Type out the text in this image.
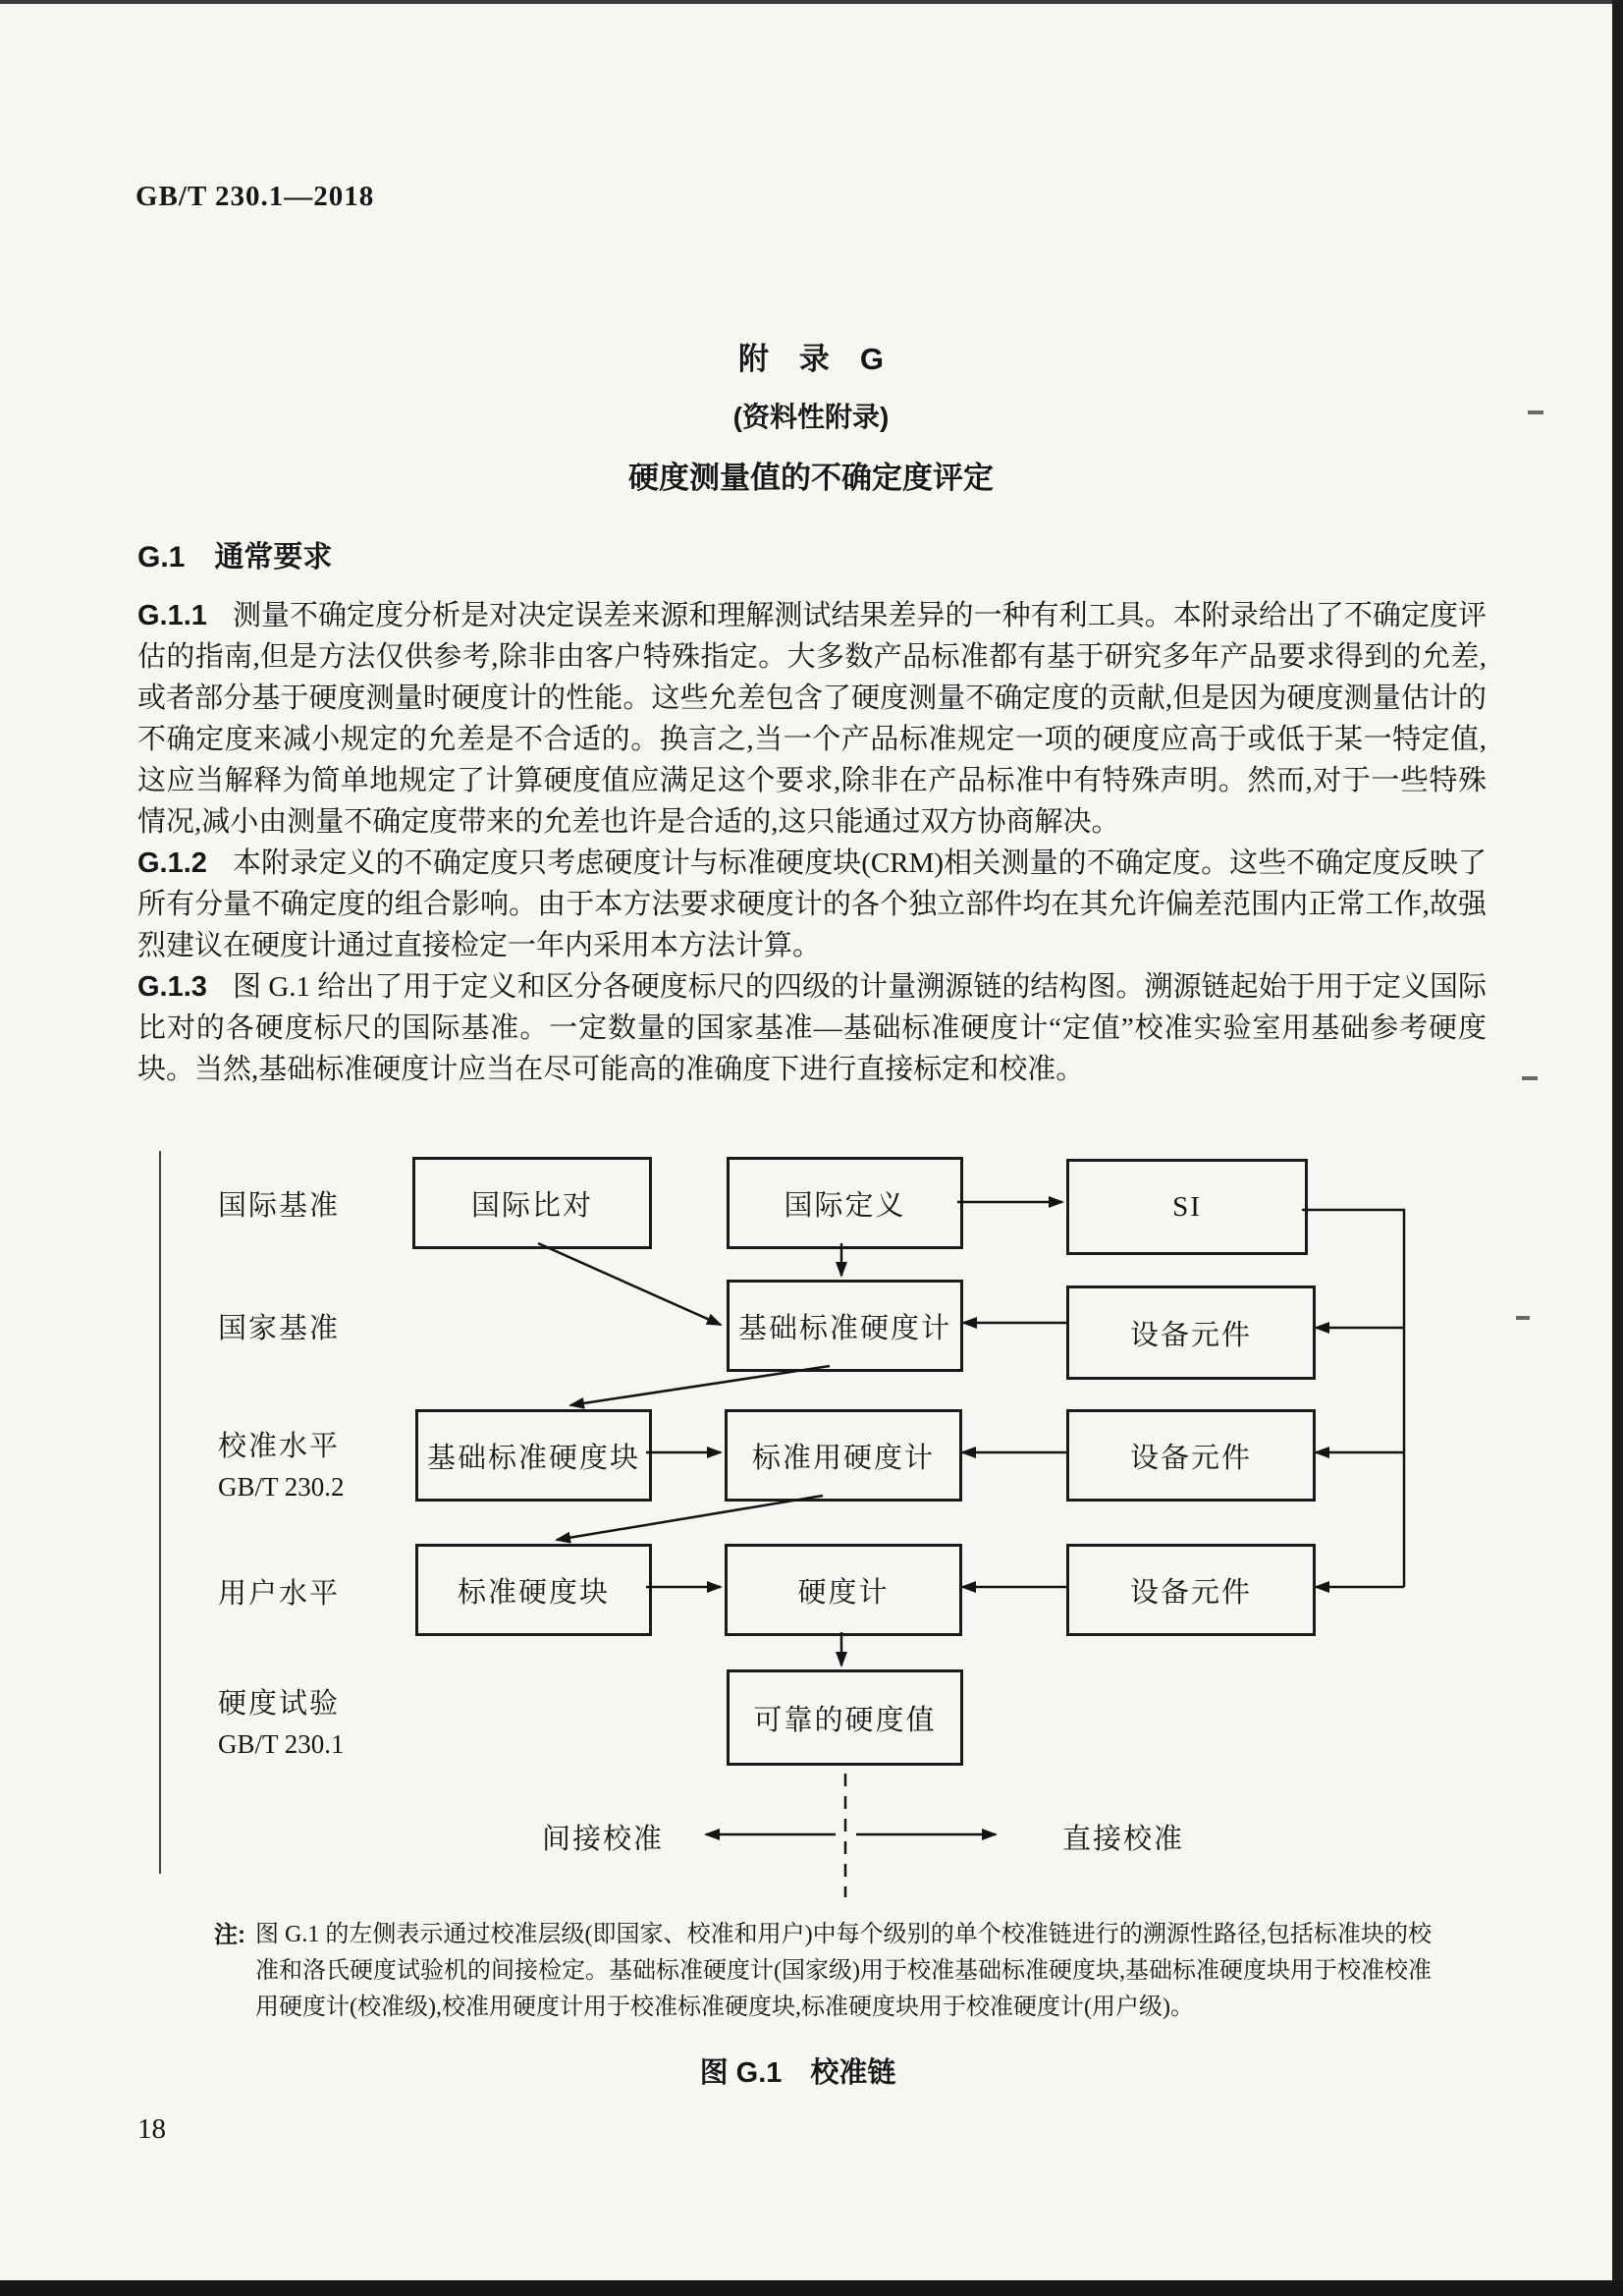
GB/T 230.1—2018

附　录　G

(资料性附录)

硬度测量值的不确定度评定

G.1　通常要求

G.1.1 测量不确定度分析是对决定误差来源和理解测试结果差异的一种有利工具。本附录给出了不确定度评估的指南,但是方法仅供参考,除非由客户特殊指定。大多数产品标准都有基于研究多年产品要求得到的允差,或者部分基于硬度测量时硬度计的性能。这些允差包含了硬度测量不确定度的贡献,但是因为硬度测量估计的不确定度来减小规定的允差是不合适的。换言之,当一个产品标准规定一项的硬度应高于或低于某一特定值,这应当解释为简单地规定了计算硬度值应满足这个要求,除非在产品标准中有特殊声明。然而,对于一些特殊情况,减小由测量不确定度带来的允差也许是合适的,这只能通过双方协商解决。

G.1.2 本附录定义的不确定度只考虑硬度计与标准硬度块(CRM)相关测量的不确定度。这些不确定度反映了所有分量不确定度的组合影响。由于本方法要求硬度计的各个独立部件均在其允许偏差范围内正常工作,故强烈建议在硬度计通过直接检定一年内采用本方法计算。

G.1.3 图 G.1 给出了用于定义和区分各硬度标尺的四级的计量溯源链的结构图。溯源链起始于用于定义国际比对的各硬度标尺的国际基准。一定数量的国家基准—基础标准硬度计“定值”校准实验室用基础参考硬度块。当然,基础标准硬度计应当在尽可能高的准确度下进行直接标定和校准。

国际基准
国家基准
校准水平
GB/T 230.2
用户水平
硬度试验
GB/T 230.1
国际比对	国际定义	SI
基础标准硬度计	设备元件
基础标准硬度块	标准用硬度计	设备元件
标准硬度块	硬度计	设备元件
可靠的硬度值
间接校准	直接校准
注: 图 G.1 的左侧表示通过校准层级(即国家、校准和用户)中每个级别的单个校准链进行的溯源性路径,包括标准块的校准和洛氏硬度试验机的间接检定。基础标准硬度计(国家级)用于校准基础标准硬度块,基础标准硬度块用于校准校准用硬度计(校准级),校准用硬度计用于校准标准硬度块,标准硬度块用于校准硬度计(用户级)。
图 G.1　校准链
18
